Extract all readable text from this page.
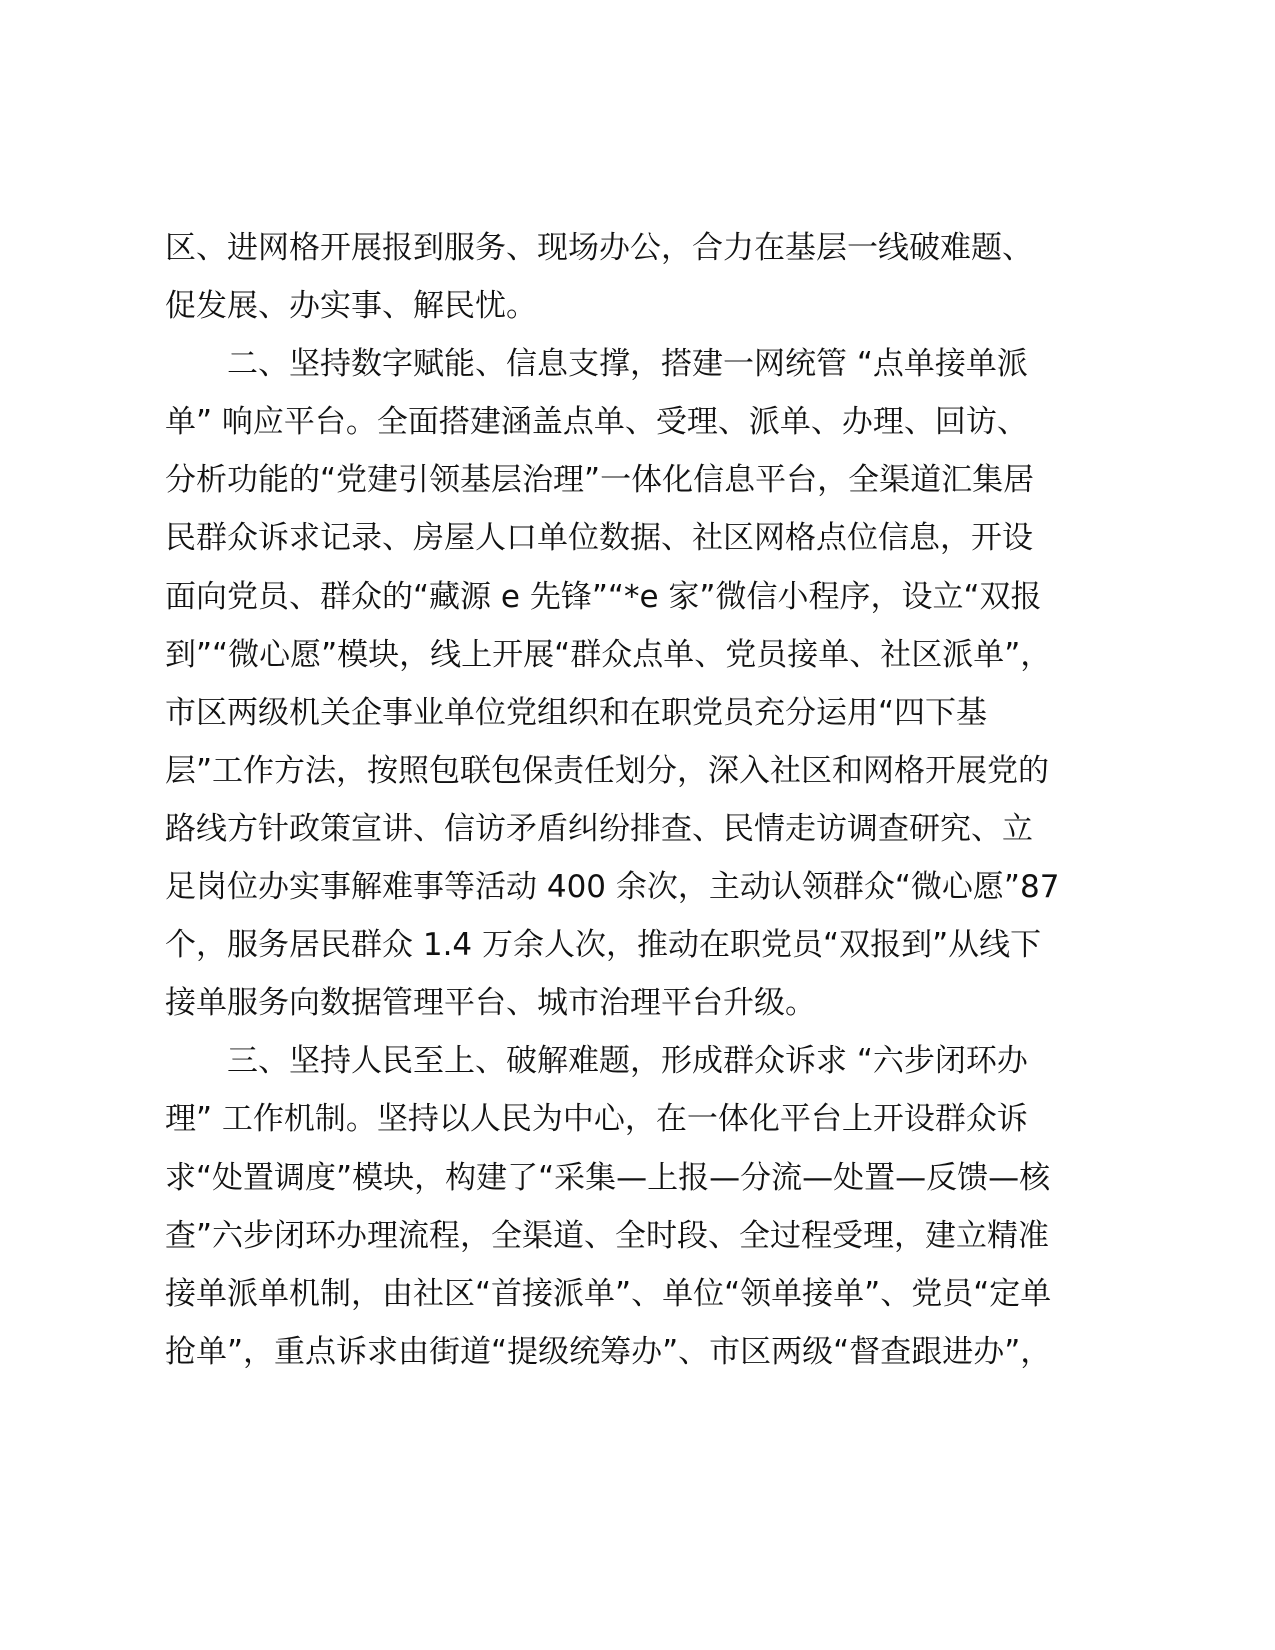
区、进网格开展报到服务、现场办公，合力在基层一线破难题、
促发展、办实事、解民忧。
二、坚持数字赋能、信息支撑，搭建一网统管 “点单接单派
单” 响应平台。全面搭建涵盖点单、受理、派单、办理、回访、
分析功能的“党建引领基层治理”一体化信息平台，全渠道汇集居
民群众诉求记录、房屋人口单位数据、社区网格点位信息，开设
面向党员、群众的“藏源 e 先锋”“*e 家”微信小程序，设立“双报
到”“微心愿”模块，线上开展“群众点单、党员接单、社区派单”，
市区两级机关企事业单位党组织和在职党员充分运用“四下基
层”工作方法，按照包联包保责任划分，深入社区和网格开展党的
路线方针政策宣讲、信访矛盾纠纷排查、民情走访调查研究、立
足岗位办实事解难事等活动 400 余次，主动认领群众“微心愿”87
个，服务居民群众 1.4 万余人次，推动在职党员“双报到”从线下
接单服务向数据管理平台、城市治理平台升级。
三、坚持人民至上、破解难题，形成群众诉求 “六步闭环办
理” 工作机制。坚持以人民为中心，在一体化平台上开设群众诉
求“处置调度”模块，构建了“采集—上报—分流—处置—反馈—核
查”六步闭环办理流程，全渠道、全时段、全过程受理，建立精准
接单派单机制，由社区“首接派单”、单位“领单接单”、党员“定单
抢单”，重点诉求由街道“提级统筹办”、市区两级“督查跟进办”，
